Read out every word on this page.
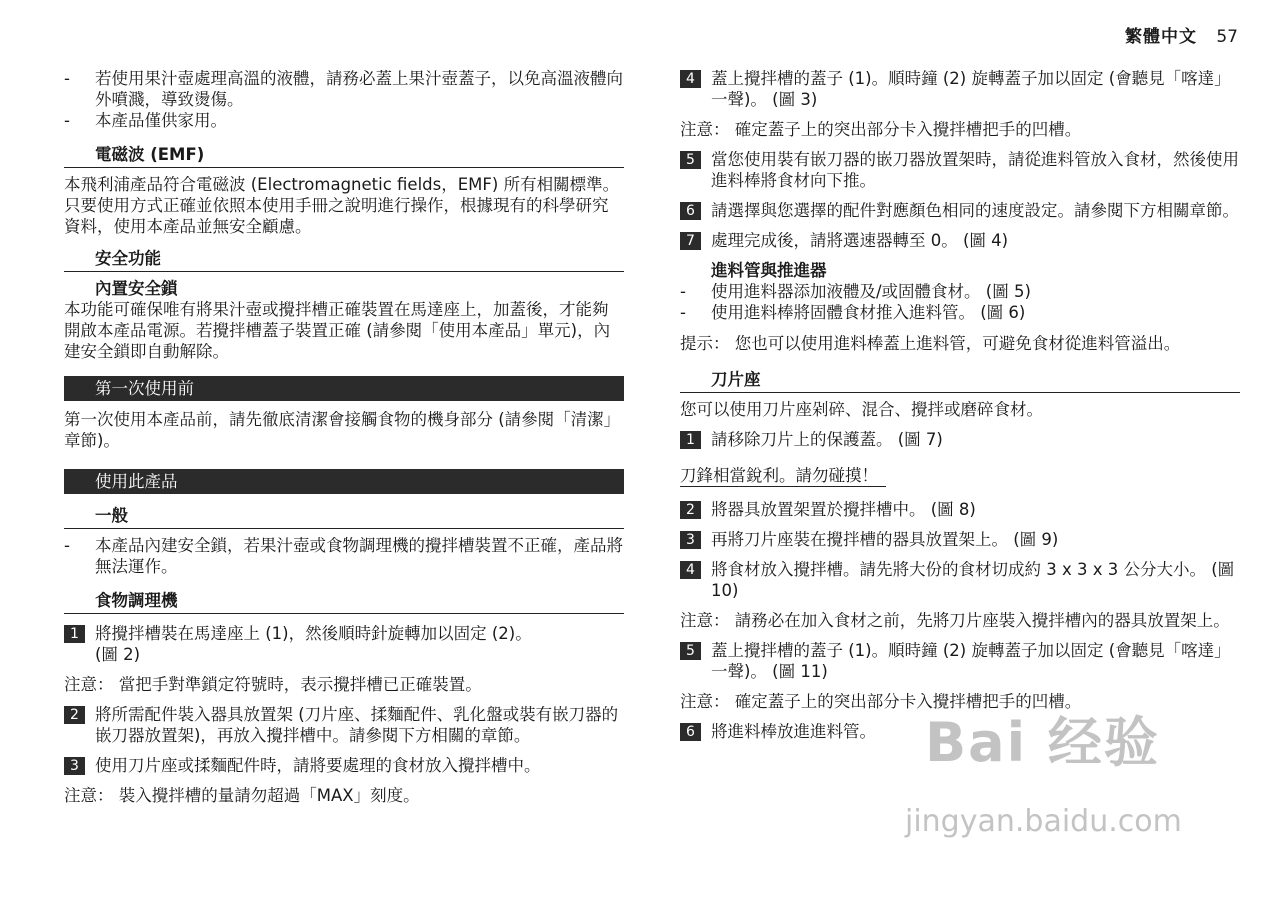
繁體中文 57
- 若使用果汁壺處理高溫的液體，請務必蓋上果汁壺蓋子，以免高溫液體向外噴濺，導致燙傷。
- 本產品僅供家用。
電磁波 (EMF)

本飛利浦產品符合電磁波 (Electromagnetic fields，EMF) 所有相關標準。只要使用方式正確並依照本使用手冊之說明進行操作，根據現有的科學研究資料，使用本產品並無安全顧慮。

安全功能
內置安全鎖

本功能可確保唯有將果汁壺或攪拌槽正確裝置在馬達座上，加蓋後，才能夠開啟本產品電源。若攪拌槽蓋子裝置正確 (請參閱「使用本產品」單元)，內建安全鎖即自動解除。

第一次使用前

第一次使用本產品前，請先徹底清潔會接觸食物的機身部分 (請參閱「清潔」章節)。

使用此產品
一般
- 本產品內建安全鎖，若果汁壺或食物調理機的攪拌槽裝置不正確，產品將無法運作。
食物調理機
1 將攪拌槽裝在馬達座上 (1)，然後順時針旋轉加以固定 (2)。 (圖 2)
注意： 當把手對準鎖定符號時，表示攪拌槽已正確裝置。
2 將所需配件裝入器具放置架 (刀片座、揉麵配件、乳化盤或裝有嵌刀器的嵌刀器放置架)，再放入攪拌槽中。請參閱下方相關的章節。
3 使用刀片座或揉麵配件時，請將要處理的食材放入攪拌槽中。
注意： 裝入攪拌槽的量請勿超過「MAX」刻度。
4 蓋上攪拌槽的蓋子 (1)。順時鐘 (2) 旋轉蓋子加以固定 (會聽見「喀達」一聲)。 (圖 3)
注意： 確定蓋子上的突出部分卡入攪拌槽把手的凹槽。
5 當您使用裝有嵌刀器的嵌刀器放置架時，請從進料管放入食材，然後使用進料棒將食材向下推。
6 請選擇與您選擇的配件對應顏色相同的速度設定。請參閱下方相關章節。
7 處理完成後，請將選速器轉至 0。 (圖 4)
進料管與推進器
- 使用進料器添加液體及/或固體食材。 (圖 5)
- 使用進料棒將固體食材推入進料管。 (圖 6)

提示： 您也可以使用進料棒蓋上進料管，可避免食材從進料管溢出。

刀片座

您可以使用刀片座剁碎、混合、攪拌或磨碎食材。

1 請移除刀片上的保護蓋。 (圖 7)
刀鋒相當銳利。請勿碰摸！
2 將器具放置架置於攪拌槽中。 (圖 8)
3 再將刀片座裝在攪拌槽的器具放置架上。 (圖 9)
4 將食材放入攪拌槽。請先將大份的食材切成約 3 x 3 x 3 公分大小。 (圖 10)
注意： 請務必在加入食材之前，先將刀片座裝入攪拌槽內的器具放置架上。
5 蓋上攪拌槽的蓋子 (1)。順時鐘 (2) 旋轉蓋子加以固定 (會聽見「喀達」一聲)。 (圖 11)
注意： 確定蓋子上的突出部分卡入攪拌槽把手的凹槽。
6 將進料棒放進進料管。 Bai 经验
jingyan.baidu.com
